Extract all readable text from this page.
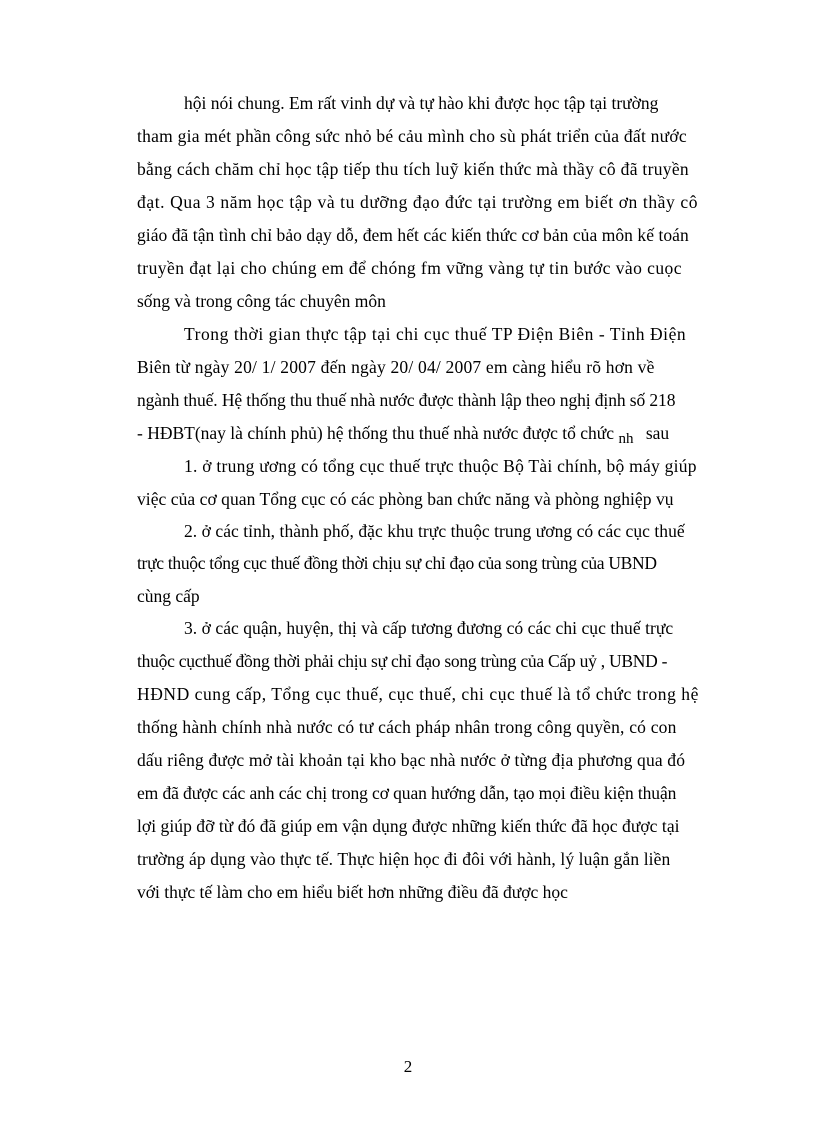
hội nói chung. Em rất vinh dự và tự hào khi được học tập tại trường
tham gia mét phần công sức nhỏ bé cảu mình cho sù phát triển của đất nước
bằng cách chăm chỉ học tập tiếp thu tích luỹ kiến thức mà thầy cô đã truyền
đạt. Qua 3 năm học tập và tu dưỡng đạo đức tại trường em biết ơn thầy cô
giáo đã tận tình chỉ bảo dạy dỗ, đem hết các kiến thức cơ bản của môn kế toán
truyền đạt lại cho chúng em để chóng fm vững vàng tự tin bước vào cuọc
sống và trong công tác chuyên môn
Trong thời gian thực tập tại chi cục thuế TP Điện Biên - Tỉnh Điện
Biên từ ngày 20/ 1/ 2007 đến ngày 20/ 04/ 2007 em càng hiểu rõ hơn về
ngành thuế. Hệ thống thu thuế nhà nước được thành lập theo nghị định số 218
- HĐBT(nay là chính phủ) hệ thống thu thuế nhà nước được tổ chức nh sau
1. ở trung ương có tổng cục thuế trực thuộc Bộ Tài chính, bộ máy giúp
việc của cơ quan Tổng cục có các phòng ban chức năng và phòng nghiệp vụ
2. ở các tỉnh, thành phố, đặc khu trực thuộc trung ương có các cục thuế
trực thuộc tổng cục thuế đồng thời chịu sự chỉ đạo của song trùng của UBND
cùng cấp
3. ở các quận, huyện, thị và cấp tương đương có các chi cục thuế trực
thuộc cụcthuế đồng thời phải chịu sự chỉ đạo song trùng của Cấp uỷ , UBND -
HĐND cung cấp, Tổng cục thuế, cục thuế, chi cục thuế là tổ chức trong hệ
thống hành chính nhà nước có tư cách pháp nhân trong công quyền, có con
dấu riêng được mở tài khoản tại kho bạc nhà nước ở từng địa phương qua đó
em đã được các anh các chị trong cơ quan hướng dẫn, tạo mọi điều kiện thuận
lợi giúp đỡ từ đó đã giúp em vận dụng được những kiến thức đã học được tại
trường áp dụng vào thực tế. Thực hiện học đi đôi với hành, lý luận gắn liền
với thực tế làm cho em hiểu biết hơn những điều đã được học
2
